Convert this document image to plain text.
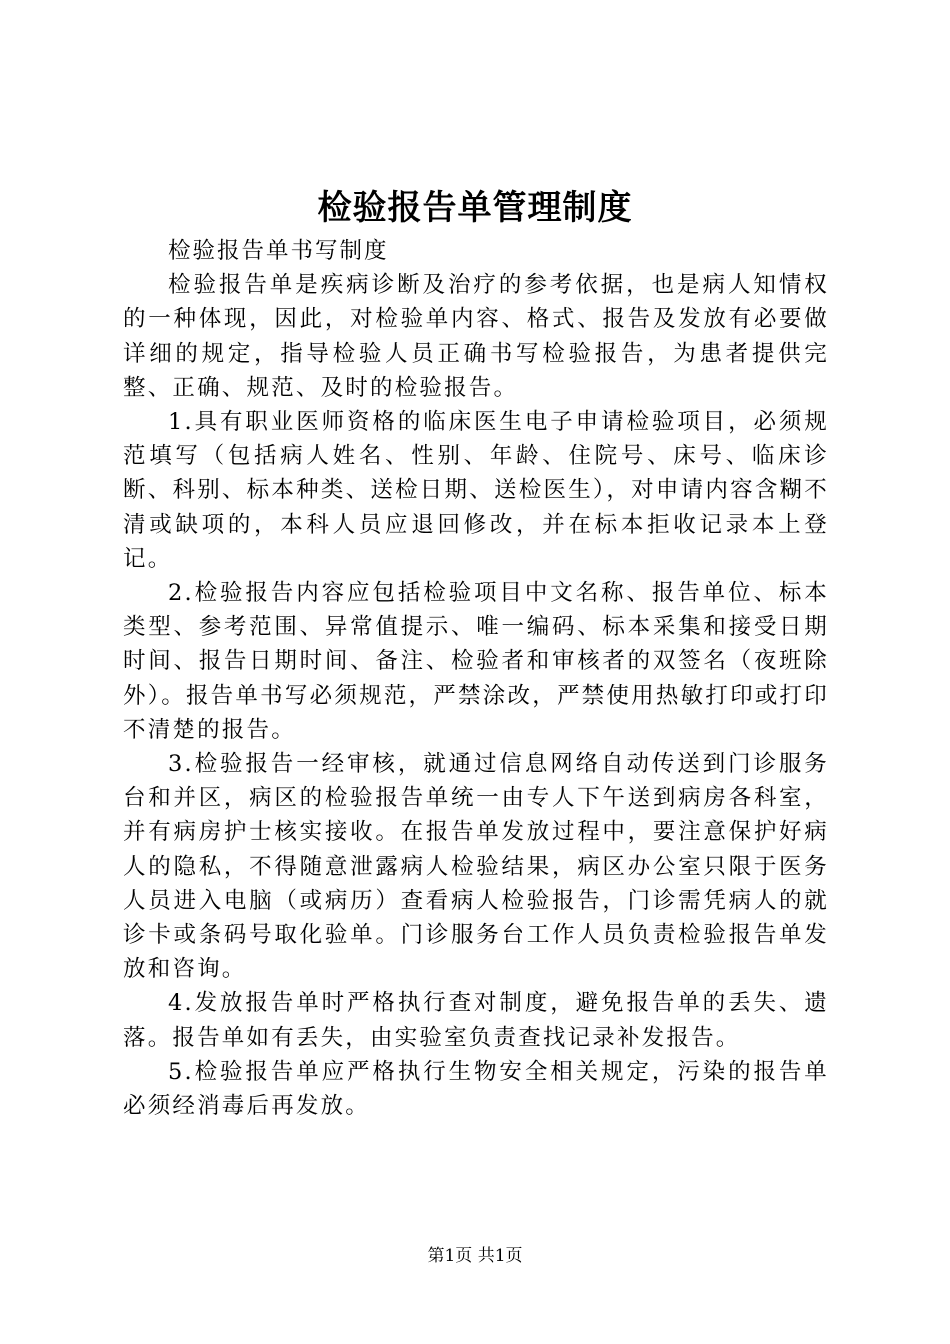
检验报告单管理制度

检验报告单书写制度

检验报告单是疾病诊断及治疗的参考依据，也是病人知情权的一种体现，因此，对检验单内容、格式、报告及发放有必要做详细的规定，指导检验人员正确书写检验报告，为患者提供完整、正确、规范、及时的检验报告。

1.具有职业医师资格的临床医生电子申请检验项目，必须规范填写（包括病人姓名、性别、年龄、住院号、床号、临床诊断、科别、标本种类、送检日期、送检医生），对申请内容含糊不清或缺项的，本科人员应退回修改，并在标本拒收记录本上登记。

2.检验报告内容应包括检验项目中文名称、报告单位、标本类型、参考范围、异常值提示、唯一编码、标本采集和接受日期时间、报告日期时间、备注、检验者和审核者的双签名（夜班除外）。报告单书写必须规范，严禁涂改，严禁使用热敏打印或打印不清楚的报告。

3.检验报告一经审核，就通过信息网络自动传送到门诊服务台和并区，病区的检验报告单统一由专人下午送到病房各科室，并有病房护士核实接收。在报告单发放过程中，要注意保护好病人的隐私，不得随意泄露病人检验结果，病区办公室只限于医务人员进入电脑（或病历）查看病人检验报告，门诊需凭病人的就诊卡或条码号取化验单。门诊服务台工作人员负责检验报告单发放和咨询。

4.发放报告单时严格执行查对制度，避免报告单的丢失、遗落。报告单如有丢失，由实验室负责查找记录补发报告。

5.检验报告单应严格执行生物安全相关规定，污染的报告单必须经消毒后再发放。

第1页 共1页
